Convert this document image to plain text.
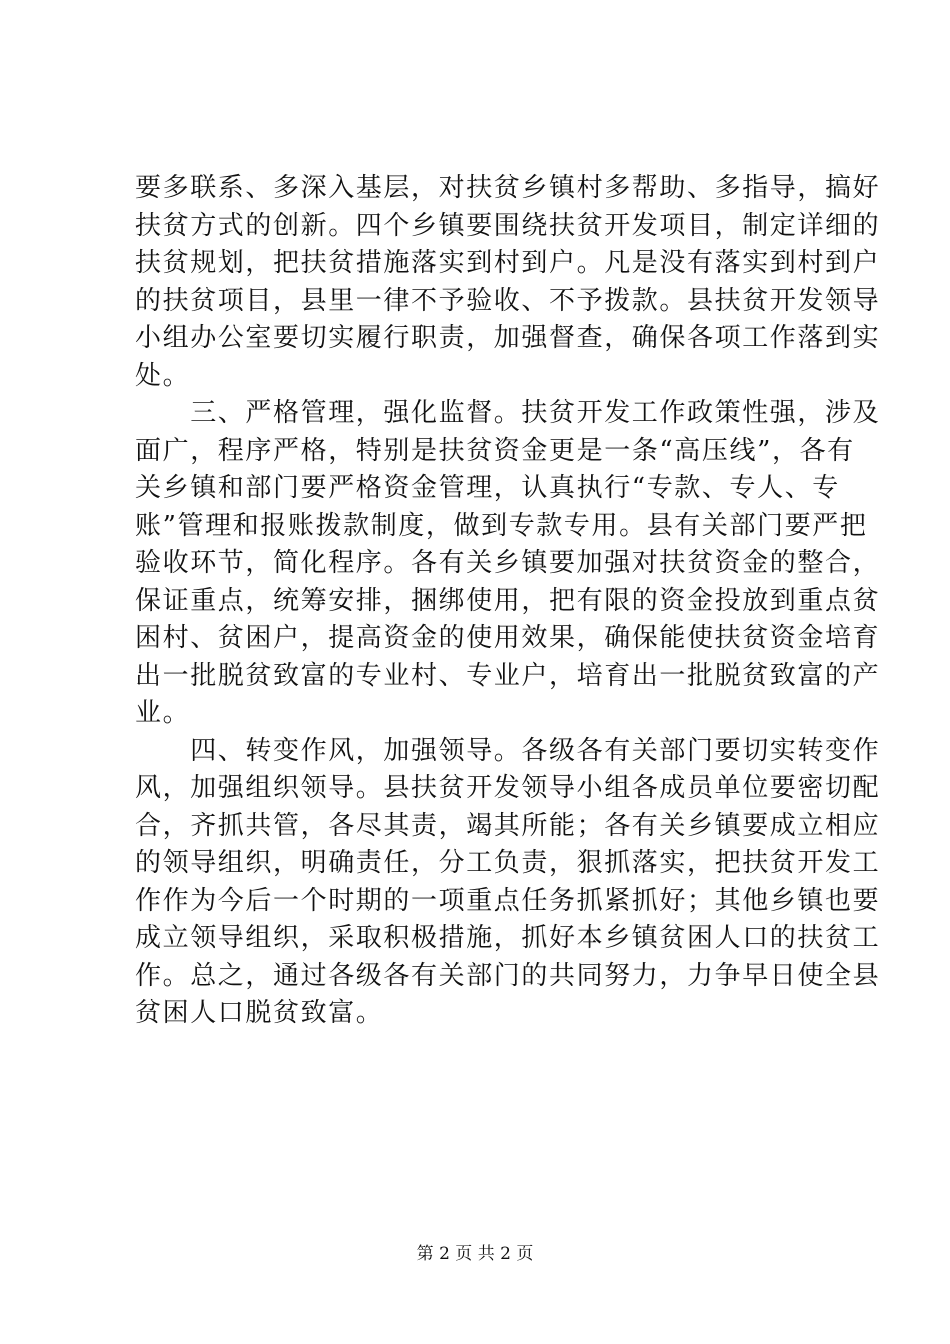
要多联系、多深入基层，对扶贫乡镇村多帮助、多指导，搞好
扶贫方式的创新。四个乡镇要围绕扶贫开发项目，制定详细的
扶贫规划，把扶贫措施落实到村到户。凡是没有落实到村到户
的扶贫项目，县里一律不予验收、不予拨款。县扶贫开发领导
小组办公室要切实履行职责，加强督查，确保各项工作落到实
处。
　　三、严格管理，强化监督。扶贫开发工作政策性强，涉及
面广，程序严格，特别是扶贫资金更是一条“高压线”，各有
关乡镇和部门要严格资金管理，认真执行“专款、专人、专
账”管理和报账拨款制度，做到专款专用。县有关部门要严把
验收环节，简化程序。各有关乡镇要加强对扶贫资金的整合，
保证重点，统筹安排，捆绑使用，把有限的资金投放到重点贫
困村、贫困户，提高资金的使用效果，确保能使扶贫资金培育
出一批脱贫致富的专业村、专业户，培育出一批脱贫致富的产
业。
　　四、转变作风，加强领导。各级各有关部门要切实转变作
风，加强组织领导。县扶贫开发领导小组各成员单位要密切配
合，齐抓共管，各尽其责，竭其所能；各有关乡镇要成立相应
的领导组织，明确责任，分工负责，狠抓落实，把扶贫开发工
作作为今后一个时期的一项重点任务抓紧抓好；其他乡镇也要
成立领导组织，采取积极措施，抓好本乡镇贫困人口的扶贫工
作。总之，通过各级各有关部门的共同努力，力争早日使全县
贫困人口脱贫致富。
第 2 页 共 2 页
